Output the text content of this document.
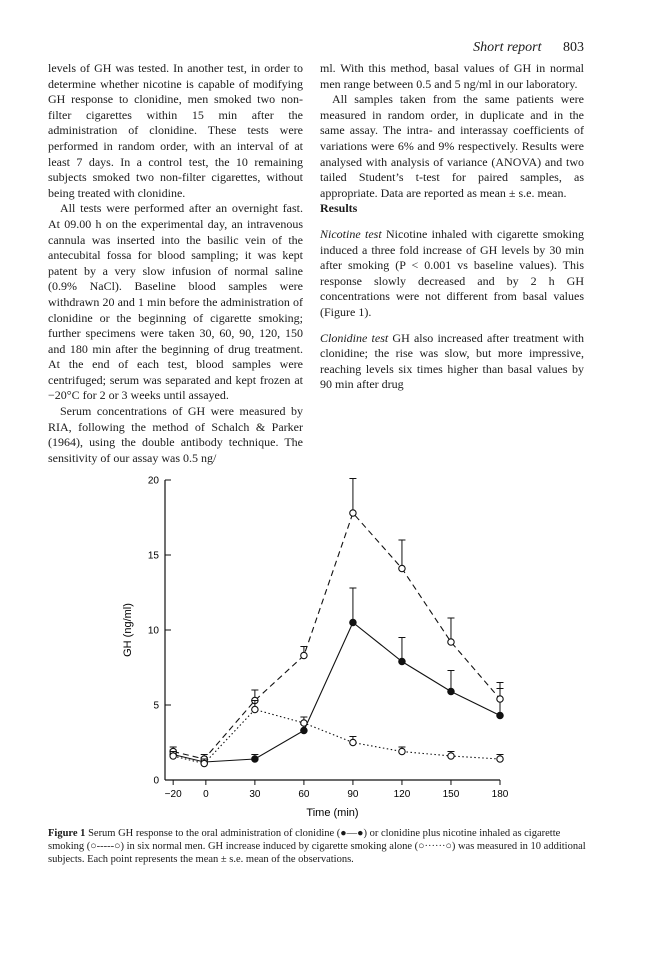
Short report 803

levels of GH was tested. In another test, in order to determine whether nicotine is capable of modifying GH response to clonidine, men smoked two non-filter cigarettes within 15 min after the administration of clonidine. These tests were performed in random order, with an interval of at least 7 days. In a control test, the 10 remaining subjects smoked two non-filter cigarettes, without being treated with clonidine.

All tests were performed after an overnight fast. At 09.00 h on the experimental day, an intravenous cannula was inserted into the basilic vein of the antecubital fossa for blood sampling; it was kept patent by a very slow infusion of normal saline (0.9% NaCl). Baseline blood samples were withdrawn 20 and 1 min before the administration of clonidine or the beginning of cigarette smoking; further specimens were taken 30, 60, 90, 120, 150 and 180 min after the beginning of drug treatment. At the end of each test, blood samples were centrifuged; serum was separated and kept frozen at −20°C for 2 or 3 weeks until assayed.

Serum concentrations of GH were measured by RIA, following the method of Schalch & Parker (1964), using the double antibody technique. The sensitivity of our assay was 0.5 ng/

ml. With this method, basal values of GH in normal men range between 0.5 and 5 ng/ml in our laboratory.

All samples taken from the same patients were measured in random order, in duplicate and in the same assay. The intra- and interassay coefficients of variations were 6% and 9% respectively. Results were analysed with analysis of variance (ANOVA) and two tailed Student’s t-test for paired samples, as appropriate. Data are reported as mean ± s.e. mean.

Results

Nicotine test Nicotine inhaled with cigarette smoking induced a three fold increase of GH levels by 30 min after smoking (P < 0.001 vs baseline values). This response slowly decreased and by 2 h GH concentrations were not different from basal values (Figure 1).

Clonidine test GH also increased after treatment with clonidine; the rise was slow, but more impressive, reaching levels six times higher than basal values by 90 min after drug

0
5
10
15
20
−20 0	30	60	90	120	150	180
Time (min)
GH (ng/ml)
Figure 1 Serum GH response to the oral administration of clonidine (●—●) or clonidine plus nicotine inhaled as cigarette smoking (○-----○) in six normal men. GH increase induced by cigarette smoking alone (○······○) was measured in 10 additional subjects. Each point represents the mean ± s.e. mean of the observations.
